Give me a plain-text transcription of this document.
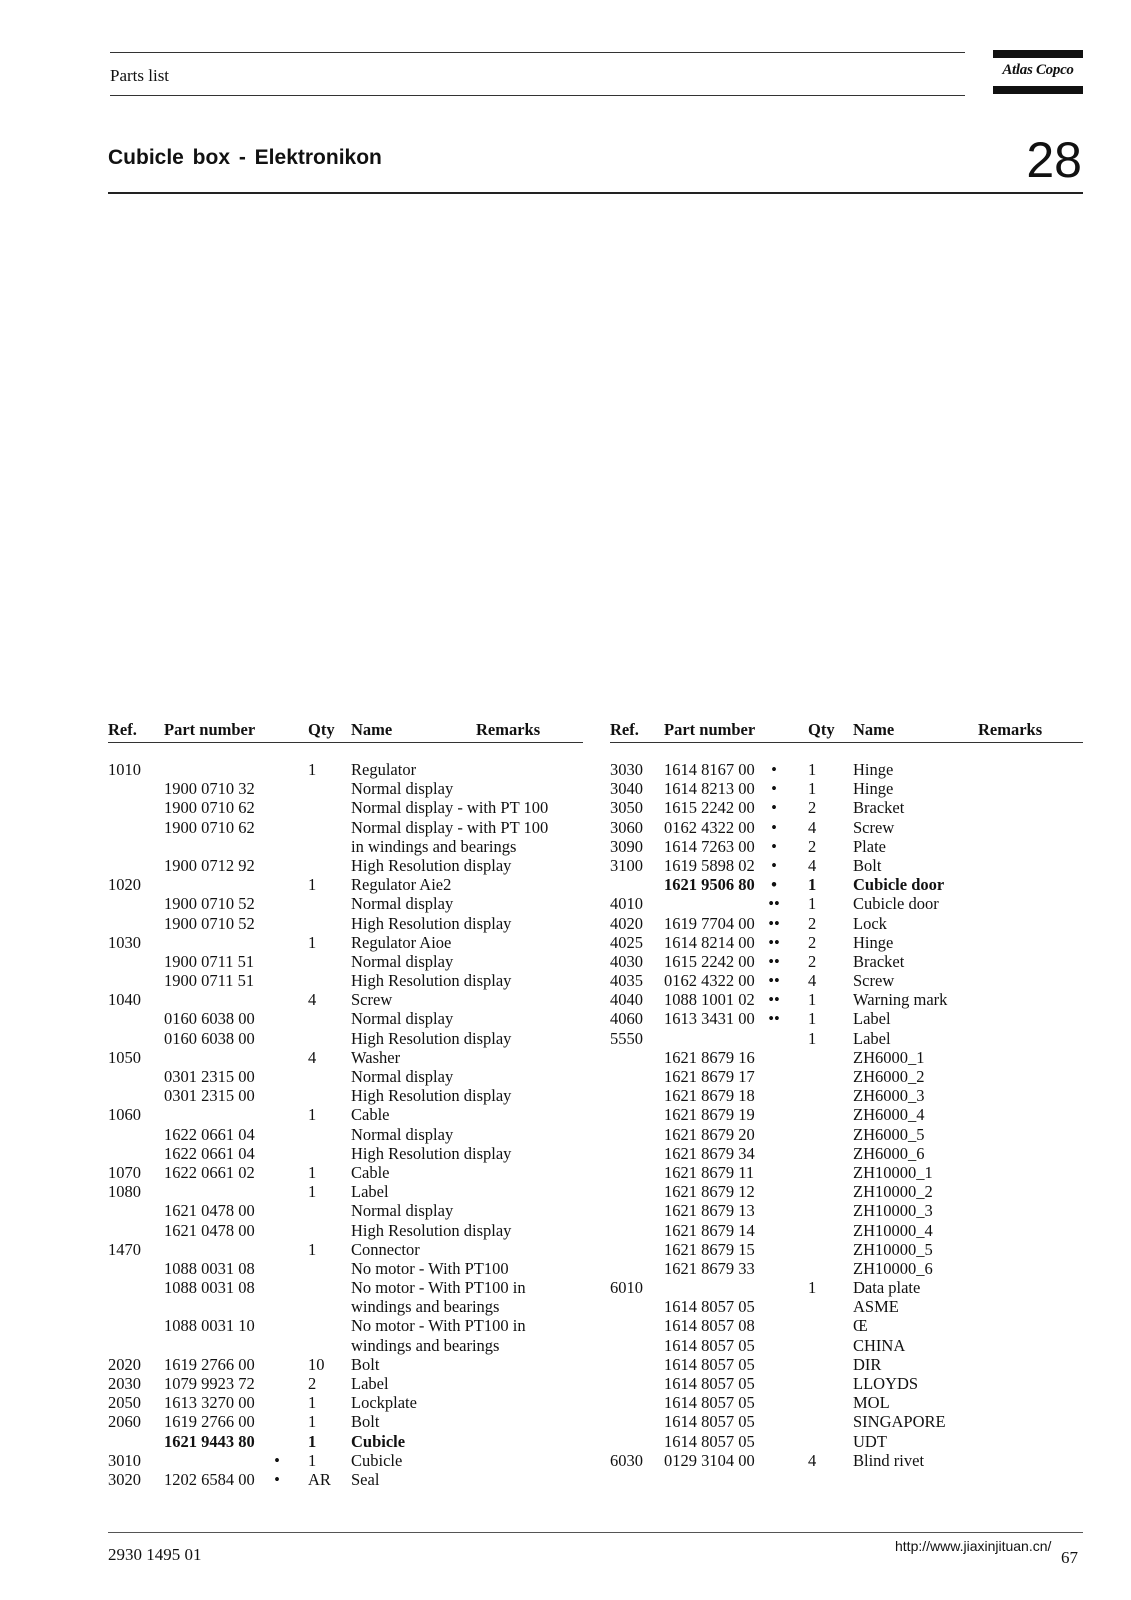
Parts list	Atlas Copco
Cubicle box - Elektronikon	28
Ref. Part number	Qty Name	Remarks
1010	1 Regulator
1900 0710 32	Normal display
1900 0710 62	Normal display - with PT 100
1900 0710 62	Normal display - with PT 100
in windings and bearings
1900 0712 92	High Resolution display
1020	1 Regulator Aie2
1900 0710 52	Normal display
1900 0710 52	High Resolution display
1030	1 Regulator Aioe
1900 0711 51	Normal display
1900 0711 51	High Resolution display
1040	4 Screw
0160 6038 00	Normal display
0160 6038 00	High Resolution display
1050	4 Washer
0301 2315 00	Normal display
0301 2315 00	High Resolution display
1060	1 Cable
1622 0661 04	Normal display
1622 0661 04	High Resolution display
1070 1622 0661 02	1 Cable
1080	1 Label
1621 0478 00	Normal display
1621 0478 00	High Resolution display
1470	1 Connector
1088 0031 08	No motor - With PT100
1088 0031 08	No motor - With PT100 in
windings and bearings
1088 0031 10	No motor - With PT100 in
windings and bearings
2020 1619 2766 00	10 Bolt
2030 1079 9923 72	2 Label
2050 1613 3270 00	1 Lockplate
2060 1619 2766 00	1 Bolt
1621 9443 80	1 Cubicle
3010	• 1 Cubicle
3020 1202 6584 00 • AR Seal
Ref. Part number	Qty Name	Remarks
3030 1614 8167 00 •	1 Hinge
3040 1614 8213 00 •	1 Hinge
3050 1615 2242 00 •	2 Bracket
3060 0162 4322 00 •	4 Screw
3090 1614 7263 00 •	2 Plate
3100 1619 5898 02 •	4 Bolt
1621 9506 80 •	1 Cubicle door
4010	••	1 Cubicle door
4020 1619 7704 00 ••	2 Lock
4025 1614 8214 00 ••	2 Hinge
4030 1615 2242 00 ••	2 Bracket
4035 0162 4322 00 ••	4 Screw
4040 1088 1001 02 ••	1 Warning mark
4060 1613 3431 00 ••	1 Label
5550	1 Label
1621 8679 16	ZH6000_1
1621 8679 17	ZH6000_2
1621 8679 18	ZH6000_3
1621 8679 19	ZH6000_4
1621 8679 20	ZH6000_5
1621 8679 34	ZH6000_6
1621 8679 11	ZH10000_1
1621 8679 12	ZH10000_2
1621 8679 13	ZH10000_3
1621 8679 14	ZH10000_4
1621 8679 15	ZH10000_5
1621 8679 33	ZH10000_6
6010	1 Data plate
1614 8057 05	ASME
1614 8057 08	Œ
1614 8057 05	CHINA
1614 8057 05	DIR
1614 8057 05	LLOYDS
1614 8057 05	MOL
1614 8057 05	SINGAPORE
1614 8057 05	UDT
6030 0129 3104 00	4 Blind rivet
2930 1495 01	http://www.jiaxinjituan.cn/
67
